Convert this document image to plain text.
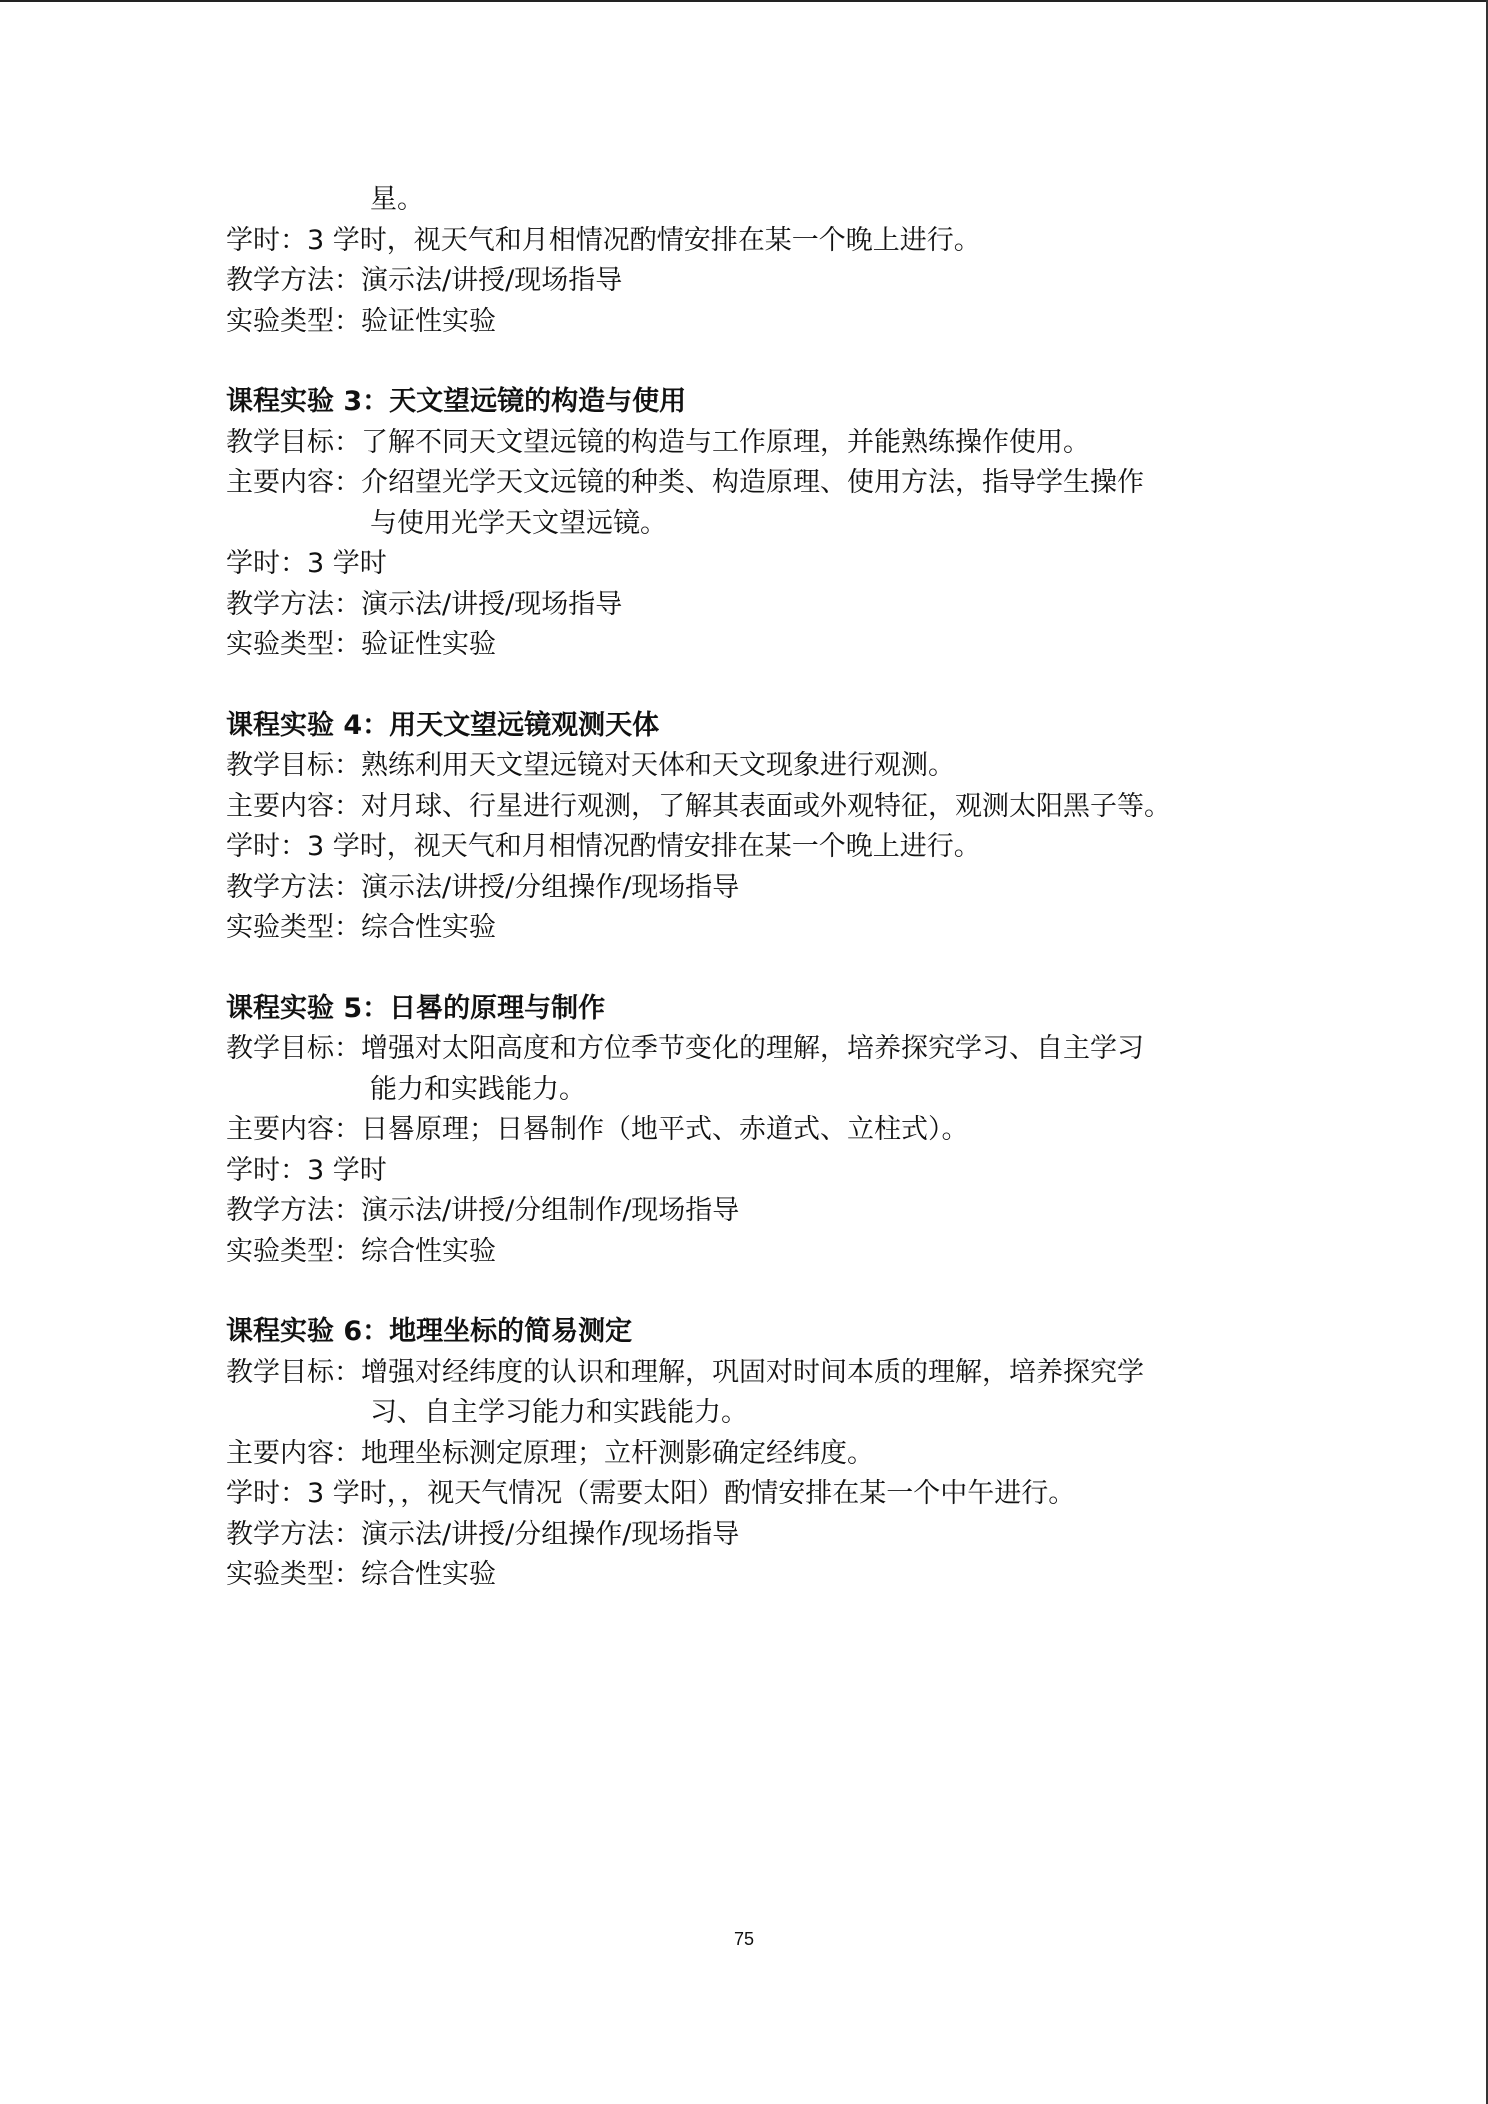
星。
学时：3 学时，视天气和月相情况酌情安排在某一个晚上进行。
教学方法：演示法/讲授/现场指导
实验类型：验证性实验
课程实验 3：天文望远镜的构造与使用
教学目标：了解不同天文望远镜的构造与工作原理，并能熟练操作使用。
主要内容：介绍望光学天文远镜的种类、构造原理、使用方法，指导学生操作
与使用光学天文望远镜。
学时：3 学时
教学方法：演示法/讲授/现场指导
实验类型：验证性实验
课程实验 4：用天文望远镜观测天体
教学目标：熟练利用天文望远镜对天体和天文现象进行观测。
主要内容：对月球、行星进行观测，了解其表面或外观特征，观测太阳黑子等。
学时：3 学时，视天气和月相情况酌情安排在某一个晚上进行。
教学方法：演示法/讲授/分组操作/现场指导
实验类型：综合性实验
课程实验 5：日晷的原理与制作
教学目标：增强对太阳高度和方位季节变化的理解，培养探究学习、自主学习
能力和实践能力。
主要内容：日晷原理；日晷制作（地平式、赤道式、立柱式）。
学时：3 学时
教学方法：演示法/讲授/分组制作/现场指导
实验类型：综合性实验
课程实验 6：地理坐标的简易测定
教学目标：增强对经纬度的认识和理解，巩固对时间本质的理解，培养探究学
习、自主学习能力和实践能力。
主要内容：地理坐标测定原理；立杆测影确定经纬度。
学时：3 学时，，视天气情况（需要太阳）酌情安排在某一个中午进行。
教学方法：演示法/讲授/分组操作/现场指导
实验类型：综合性实验
75
